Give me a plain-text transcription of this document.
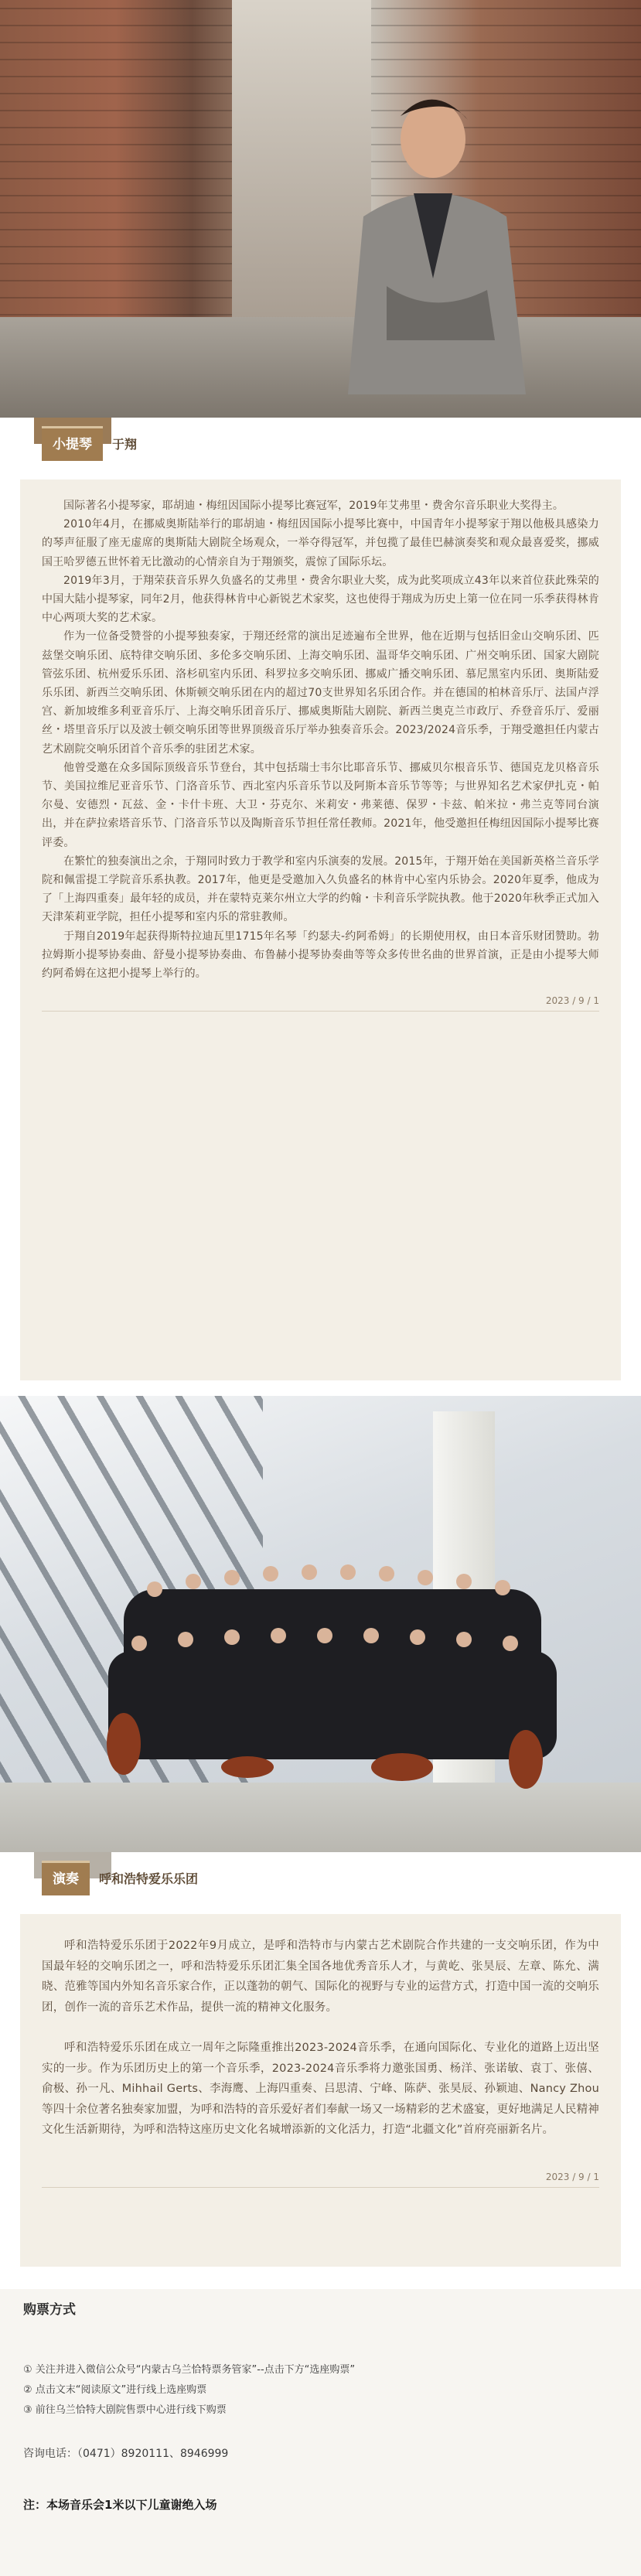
小提琴	于翔

国际著名小提琴家，耶胡迪・梅纽因国际小提琴比赛冠军，2019年艾弗里・费舍尔音乐职业大奖得主。

2010年4月，在挪威奥斯陆举行的耶胡迪・梅纽因国际小提琴比赛中，中国青年小提琴家于翔以他极具感染力的琴声征服了座无虚席的奥斯陆大剧院全场观众，一举夺得冠军，并包揽了最佳巴赫演奏奖和观众最喜爱奖，挪威国王哈罗德五世怀着无比激动的心情亲自为于翔颁奖，震惊了国际乐坛。

2019年3月，于翔荣获音乐界久负盛名的艾弗里・费舍尔职业大奖，成为此奖项成立43年以来首位获此殊荣的中国大陆小提琴家，同年2月，他获得林肯中心新锐艺术家奖，这也使得于翔成为历史上第一位在同一乐季获得林肯中心两项大奖的艺术家。

作为一位备受赞誉的小提琴独奏家，于翔还经常的演出足迹遍布全世界，他在近期与包括旧金山交响乐团、匹兹堡交响乐团、底特律交响乐团、多伦多交响乐团、上海交响乐团、温哥华交响乐团、广州交响乐团、国家大剧院管弦乐团、杭州爱乐乐团、洛杉矶室内乐团、科罗拉多交响乐团、挪威广播交响乐团、慕尼黑室内乐团、奥斯陆爱乐乐团、新西兰交响乐团、休斯顿交响乐团在内的超过70支世界知名乐团合作。并在德国的柏林音乐厅、法国卢浮宫、新加坡维多利亚音乐厅、上海交响乐团音乐厅、挪威奥斯陆大剧院、新西兰奥克兰市政厅、乔登音乐厅、爱丽丝・塔里音乐厅以及波士顿交响乐团等世界顶级音乐厅举办独奏音乐会。2023/2024音乐季，于翔受邀担任内蒙古艺术剧院交响乐团首个音乐季的驻团艺术家。

他曾受邀在众多国际顶级音乐节登台，其中包括瑞士韦尔比耶音乐节、挪威贝尔根音乐节、德国克龙贝格音乐节、美国拉维尼亚音乐节、门洛音乐节、西北室内乐音乐节以及阿斯本音乐节等等；与世界知名艺术家伊扎克・帕尔曼、安德烈・瓦兹、金・卡什卡班、大卫・芬克尔、米莉安・弗莱德、保罗・卡兹、帕米拉・弗兰克等同台演出，并在萨拉索塔音乐节、门洛音乐节以及陶斯音乐节担任常任教师。2021年，他受邀担任梅纽因国际小提琴比赛评委。

在繁忙的独奏演出之余，于翔同时致力于教学和室内乐演奏的发展。2015年，于翔开始在美国新英格兰音乐学院和佩雷提工学院音乐系执教。2017年，他更是受邀加入久负盛名的林肯中心室内乐协会。2020年夏季，他成为了「上海四重奏」最年轻的成员，并在蒙特克莱尔州立大学的约翰・卡利音乐学院执教。他于2020年秋季正式加入天津茱莉亚学院，担任小提琴和室内乐的常驻教师。

于翔自2019年起获得斯特拉迪瓦里1715年名琴「约瑟夫-约阿希姆」的长期使用权，由日本音乐财团赞助。勃拉姆斯小提琴协奏曲、舒曼小提琴协奏曲、布鲁赫小提琴协奏曲等等众多传世名曲的世界首演，正是由小提琴大师约阿希姆在这把小提琴上举行的。

2023 / 9 / 1
演奏	呼和浩特爱乐乐团

呼和浩特爱乐乐团于2022年9月成立，是呼和浩特市与内蒙古艺术剧院合作共建的一支交响乐团，作为中国最年轻的交响乐团之一，呼和浩特爱乐乐团汇集全国各地优秀音乐人才，与黄屹、张昊辰、左章、陈允、满晓、范雅等国内外知名音乐家合作，正以蓬勃的朝气、国际化的视野与专业的运营方式，打造中国一流的交响乐团，创作一流的音乐艺术作品，提供一流的精神文化服务。

呼和浩特爱乐乐团在成立一周年之际隆重推出2023-2024音乐季，在通向国际化、专业化的道路上迈出坚实的一步。作为乐团历史上的第一个音乐季，2023-2024音乐季将力邀张国勇、杨洋、张诺敏、袁丁、张僖、俞极、孙一凡、Mihhail Gerts、李海鹰、上海四重奏、吕思清、宁峰、陈萨、张昊辰、孙颖迪、Nancy Zhou等四十余位著名独奏家加盟，为呼和浩特的音乐爱好者们奉献一场又一场精彩的艺术盛宴，更好地满足人民精神文化生活新期待，为呼和浩特这座历史文化名城增添新的文化活力，打造“北疆文化”首府亮丽新名片。

2023 / 9 / 1
购票方式
① 关注并进入微信公众号“内蒙古乌兰恰特票务管家”--点击下方“选座购票”
② 点击文末“阅读原文”进行线上选座购票
③ 前往乌兰恰特大剧院售票中心进行线下购票
咨询电话：（0471）8920111、8946999
注：本场音乐会1米以下儿童谢绝入场
